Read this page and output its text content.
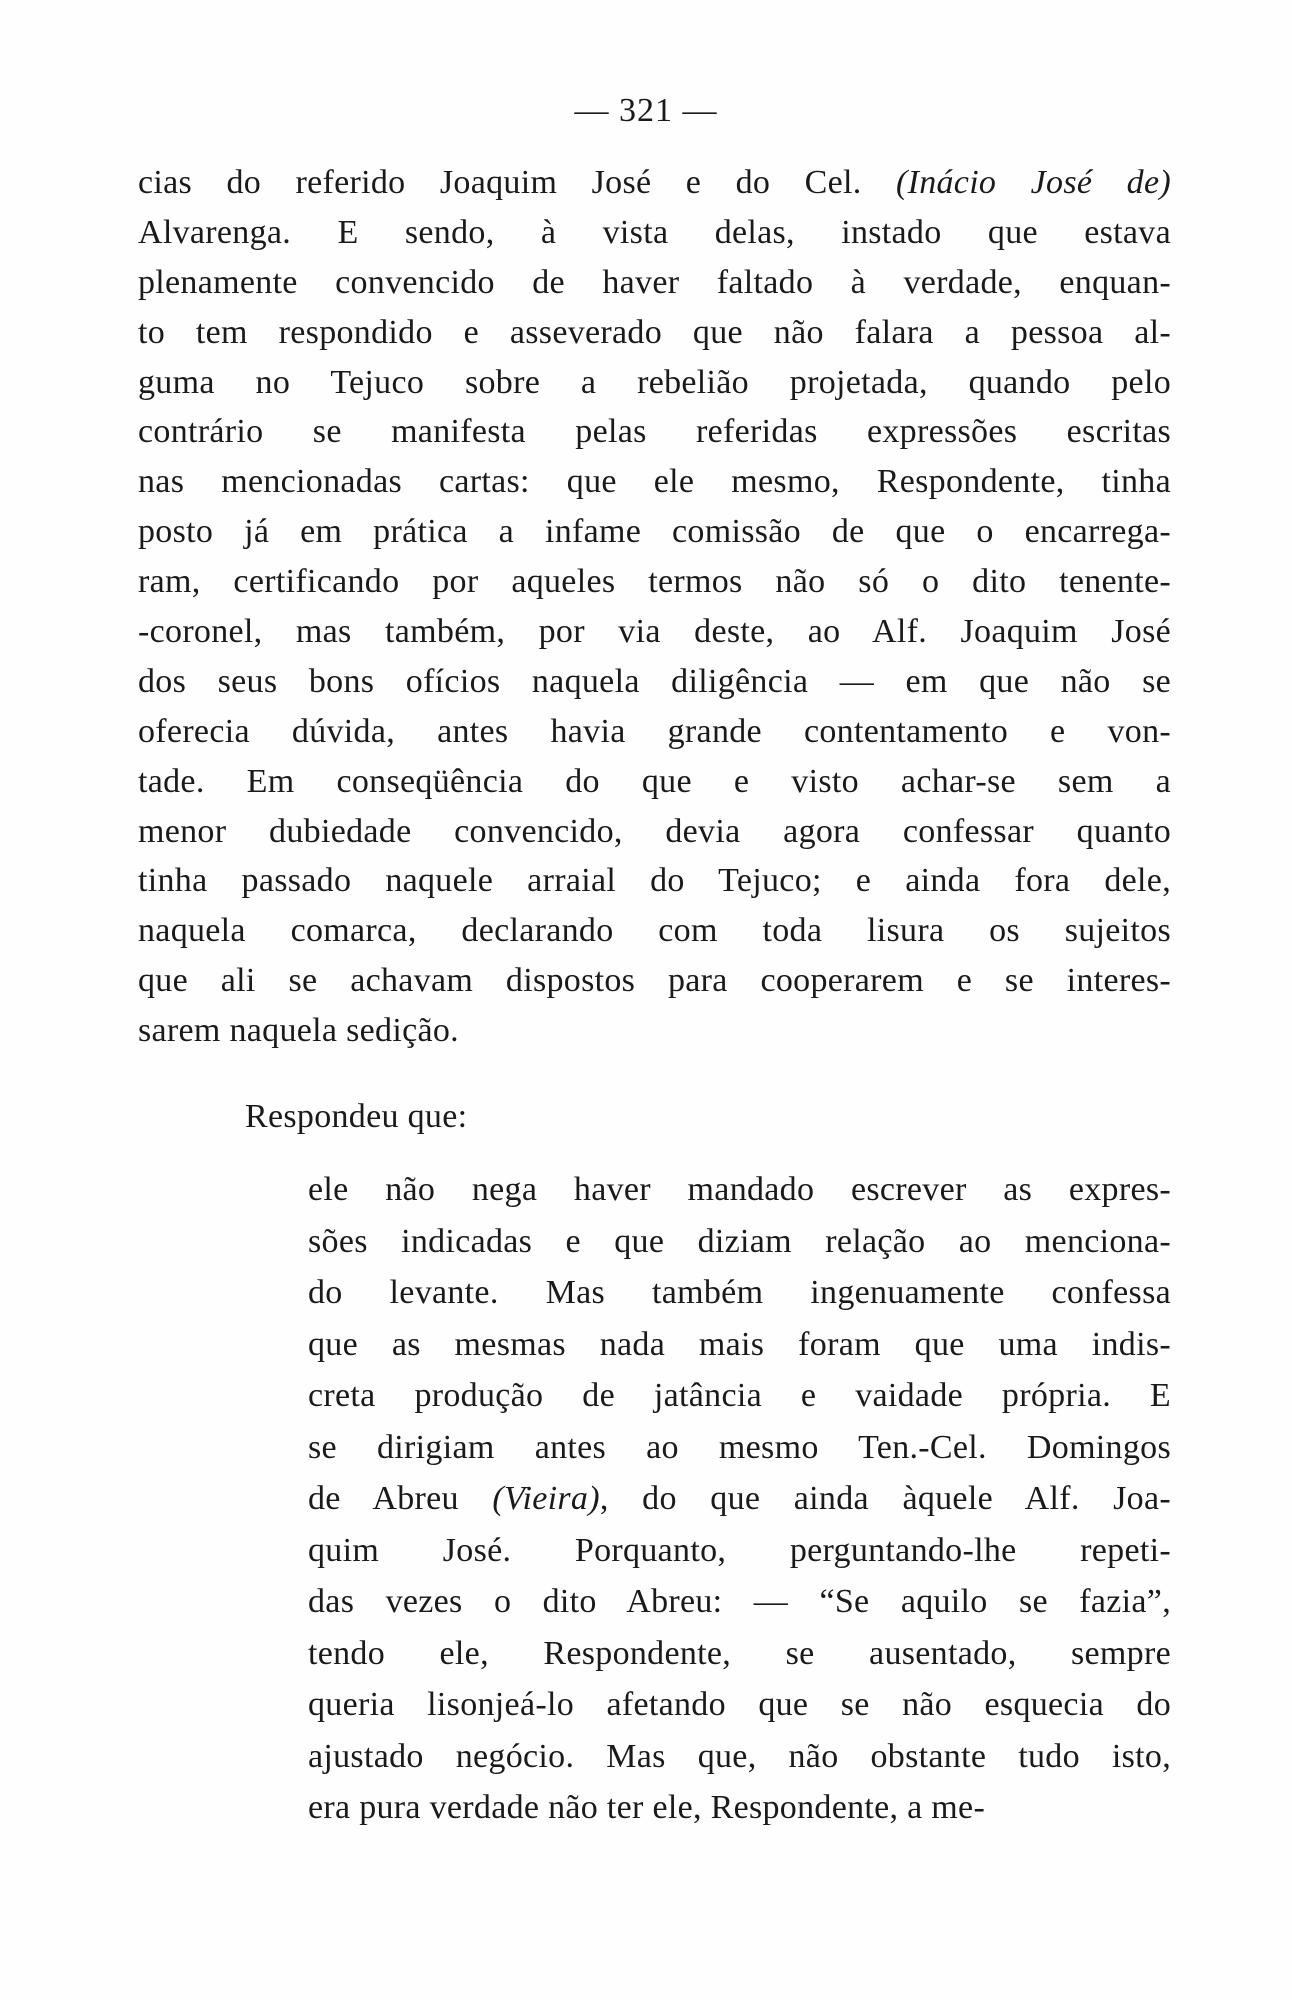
— 321 —
cias do referido Joaquim José e do Cel. (Inácio José de)
Alvarenga. E sendo, à vista delas, instado que estava
plenamente convencido de haver faltado à verdade, enquan-
to tem respondido e asseverado que não falara a pessoa al-
guma no Tejuco sobre a rebelião projetada, quando pelo
contrário se manifesta pelas referidas expressões escritas
nas mencionadas cartas: que ele mesmo, Respondente, tinha
posto já em prática a infame comissão de que o encarrega-
ram, certificando por aqueles termos não só o dito tenente-
-coronel, mas também, por via deste, ao Alf. Joaquim José
dos seus bons ofícios naquela diligência — em que não se
oferecia dúvida, antes havia grande contentamento e von-
tade. Em conseqüência do que e visto achar-se sem a
menor dubiedade convencido, devia agora confessar quanto
tinha passado naquele arraial do Tejuco; e ainda fora dele,
naquela comarca, declarando com toda lisura os sujeitos
que ali se achavam dispostos para cooperarem e se interes-
sarem naquela sedição.
Respondeu que:
ele não nega haver mandado escrever as expres-
sões indicadas e que diziam relação ao menciona-
do levante. Mas também ingenuamente confessa
que as mesmas nada mais foram que uma indis-
creta produção de jatância e vaidade própria. E
se dirigiam antes ao mesmo Ten.-Cel. Domingos
de Abreu (Vieira), do que ainda àquele Alf. Joa-
quim José. Porquanto, perguntando-lhe repeti-
das vezes o dito Abreu: — “Se aquilo se fazia”,
tendo ele, Respondente, se ausentado, sempre
queria lisonjeá-lo afetando que se não esquecia do
ajustado negócio. Mas que, não obstante tudo isto,
era pura verdade não ter ele, Respondente, a me-
